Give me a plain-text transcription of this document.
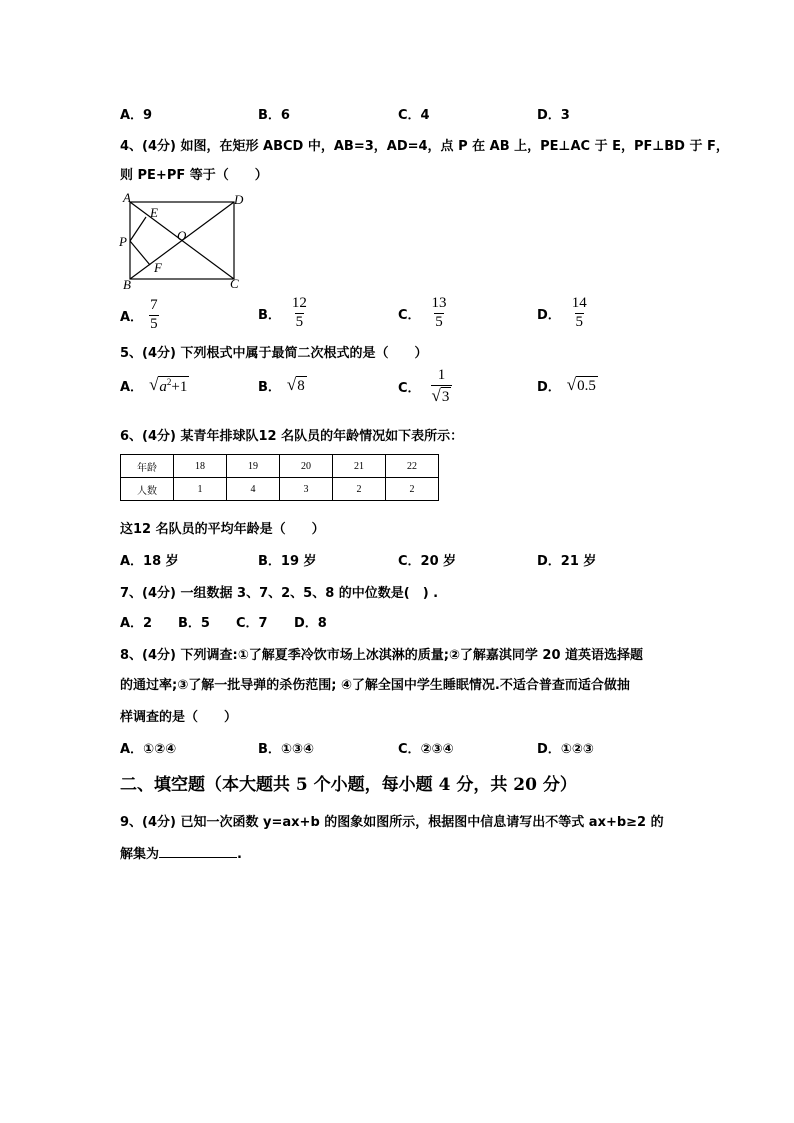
A．9	B．6	C．4	D．3
4、(4分) 如图，在矩形 ABCD 中，AB=3，AD=4，点 P 在 AB 上，PE⊥AC 于 E，PF⊥BD 于 F，
则 PE+PF 等于（　　）
A	D
B	C
E
F
O
P
A． $\frac{7}{5}$	B． $\frac{12}{5}$	C． $\frac{13}{5}$	D． $\frac{14}{5}$
5、(4分) 下列根式中属于最简二次根式的是（　　）
A． √ $a^2+1$	B． √ 8	C． $\frac{1}{√ 3}$	D． √ 0.5
6、(4分) 某青年排球队12 名队员的年龄情况如下表所示：
年龄	18	19	20	21	22
人数	1	4	3	2	2
这12 名队员的平均年龄是（　　）
A．18 岁	B．19 岁	C．20 岁	D．21 岁
7、(4分) 一组数据 3、7、2、5、8 的中位数是(　) .
A．2 B．5 C．7 D．8
8、(4分) 下列调查:①了解夏季冷饮市场上冰淇淋的质量;②了解嘉淇同学 20 道英语选择题
的通过率;③了解一批导弹的杀伤范围; ④了解全国中学生睡眠情况.不适合普查而适合做抽
样调查的是（　　）
A．①②④	B．①③④	C．②③④	D．①②③
二、填空题（本大题共 5 个小题，每小题 4 分，共 20 分）
9、(4分) 已知一次函数 y=ax+b 的图象如图所示，根据图中信息请写出不等式 ax+b≥2 的
解集为	.
